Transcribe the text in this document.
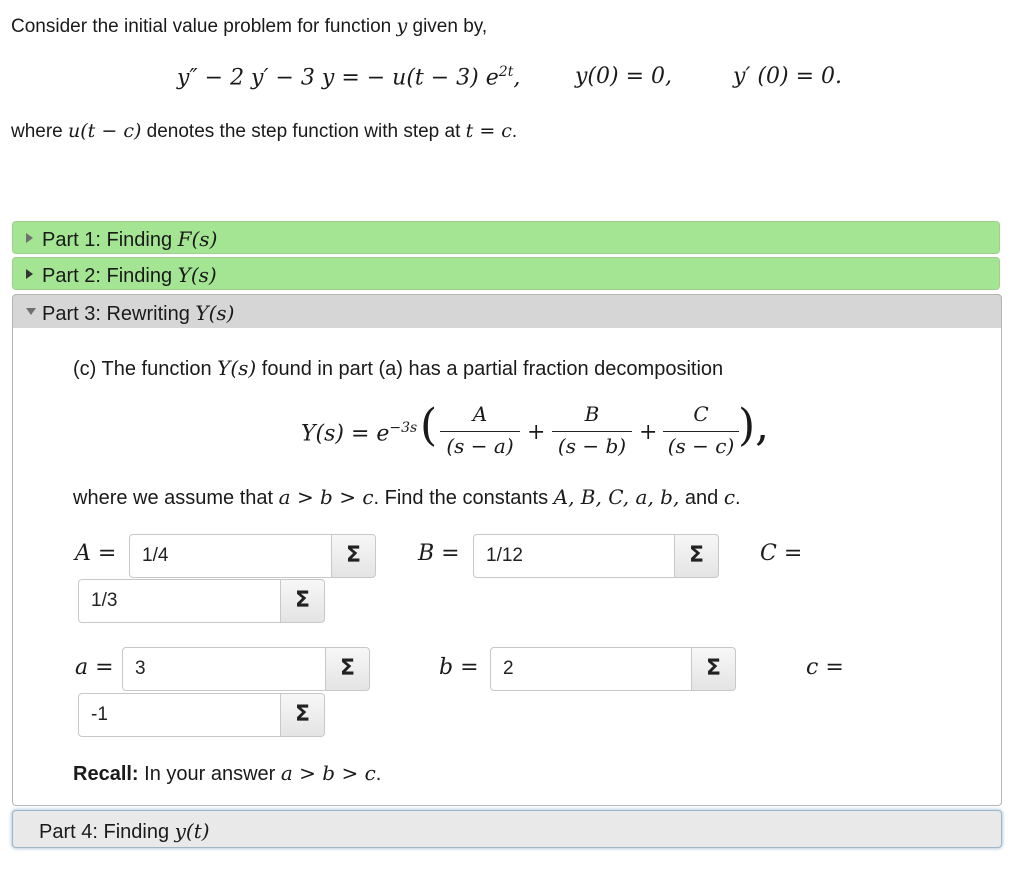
Consider the initial value problem for function y given by,
y″ − 2 y′ − 3 y = − u(t − 3) $e^{2t}$, y(0) = 0,	y′ (0) = 0.
where u(t − c) denotes the step function with step at t = c.
Part 1: Finding F(s)
Part 2: Finding Y(s)
Part 3: Rewriting Y(s)
(c) The function Y(s) found in part (a) has a partial fraction decomposition
$Y(s) = e^{-3s}$ (	A
(s − a)
+
B
(s − b)
+
C
(s − c) ),
where we assume that a > b > c. Find the constants A, B, C, a, b, and c.
A =
1/4	Σ	B =
1/12	Σ	C =
1/3
Σ
a =
3	Σ	b =
2	Σ	c =
-1
Σ
Recall: In your answer a > b > c.
Part 4: Finding y(t)
